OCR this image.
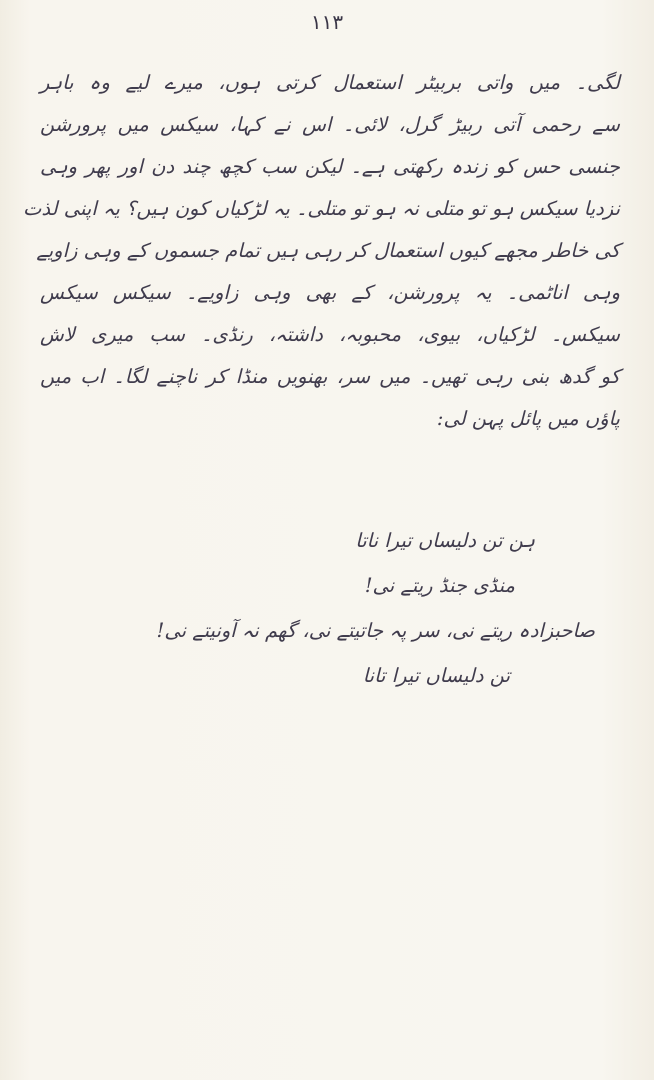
۱۱۳
لگی۔ میں واتی بربیٹر استعمال کرتی ہوں، میرے لیے وہ باہر
سے رحمی آتی ربیڑ گرل، لائی۔ اس نے کہا، سیکس میں پرورشن
جنسی حس کو زندہ رکھتی ہے۔ لیکن سب کچھ چند دن اور پھر وہی
نزدیا سیکس ہو تو متلی نہ ہو تو متلی۔ یہ لڑکیاں کون ہیں؟ یہ اپنی لذت
کی خاطر مجھے کیوں استعمال کر رہی ہیں تمام جسموں کے وہی زاویے
وہی اناٹمی۔ یہ پرورشن، کے بھی وہی زاویے۔ سیکس سیکس
سیکس۔ لڑکیاں، بیوی، محبوبہ، داشتہ، رنڈی۔ سب میری لاش
کو گدھ بنی رہی تھیں۔ میں سر، بھنویں منڈا کر ناچنے لگا۔ اب میں
پاؤں میں پائل پہن لی:
ہن تن دلیساں تیرا ناتا
منڈی جنڈ ریتے نی!
صاحبزادہ ریتے نی، سر پہ جاتیتے نی، گھم نہ آونیتے نی!
تن دلیساں تیرا تانا
